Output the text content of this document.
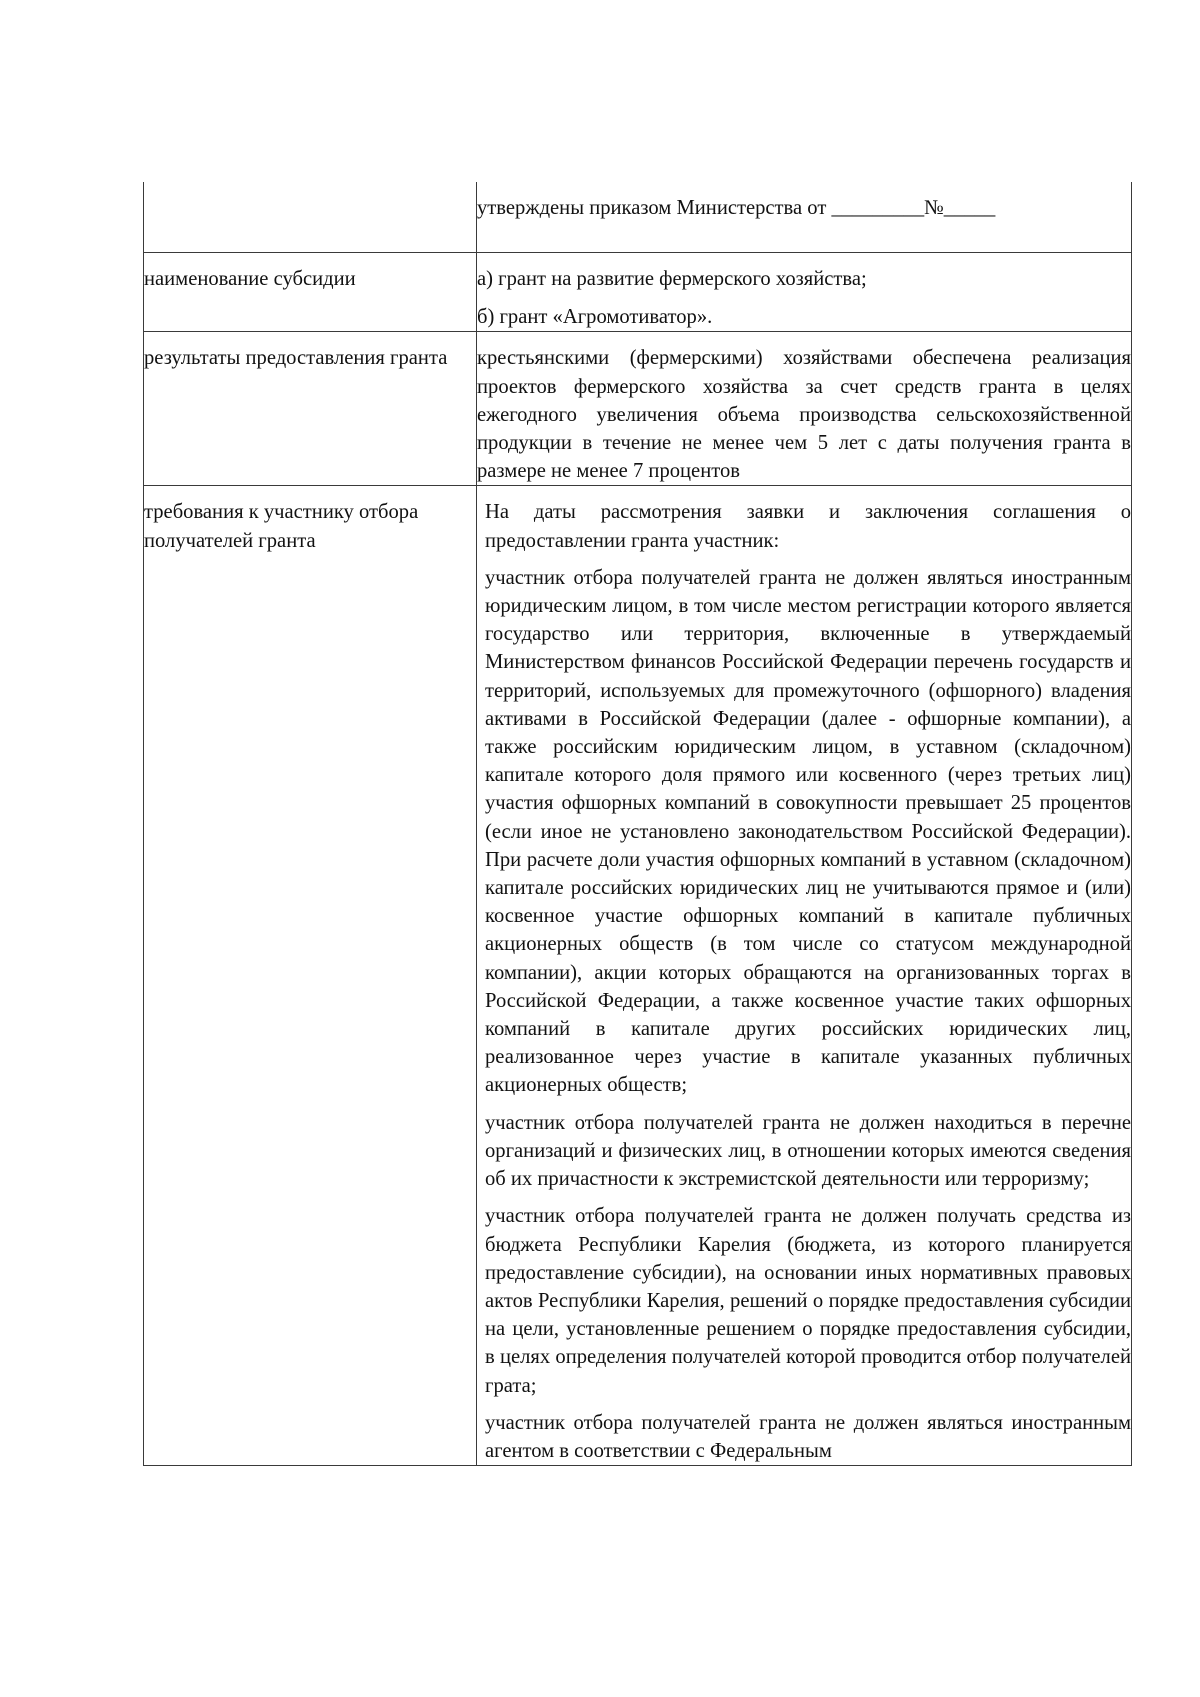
	утверждены приказом Министерства от _________№_____

наименование субсидии	а) грант на развитие фермерского хозяйства;

б) грант «Агромотиватор».

результаты предоставления гранта	крестьянскими (фермерскими) хозяйствами обеспечена реализация проектов фермерского хозяйства за счет средств гранта в целях ежегодного увеличения объема производства сельскохозяйственной продукции в течение не менее чем 5 лет с даты получения гранта в размере не менее 7 процентов

требования к участнику отбора получателей гранта	На даты рассмотрения заявки и заключения соглашения о предоставлении гранта участник:

участник отбора получателей гранта не должен являться иностранным юридическим лицом, в том числе местом регистрации которого является государство или территория, включенные в утверждаемый Министерством финансов Российской Федерации перечень государств и территорий, используемых для промежуточного (офшорного) владения активами в Российской Федерации (далее - офшорные компании), а также российским юридическим лицом, в уставном (складочном) капитале которого доля прямого или косвенного (через третьих лиц) участия офшорных компаний в совокупности превышает 25 процентов (если иное не установлено законодательством Российской Федерации). При расчете доли участия офшорных компаний в уставном (складочном) капитале российских юридических лиц не учитываются прямое и (или) косвенное участие офшорных компаний в капитале публичных акционерных обществ (в том числе со статусом международной компании), акции которых обращаются на организованных торгах в Российской Федерации, а также косвенное участие таких офшорных компаний в капитале других российских юридических лиц, реализованное через участие в капитале указанных публичных акционерных обществ;

участник отбора получателей гранта не должен находиться в перечне организаций и физических лиц, в отношении которых имеются сведения об их причастности к экстремистской деятельности или терроризму;

участник отбора получателей гранта не должен получать средства из бюджета Республики Карелия (бюджета, из которого планируется предоставление субсидии), на основании иных нормативных правовых актов Республики Карелия, решений о порядке предоставления субсидии на цели, установленные решением о порядке предоставления субсидии, в целях определения получателей которой проводится отбор получателей грата;

участник отбора получателей гранта не должен являться иностранным агентом в соответствии с Федеральным
